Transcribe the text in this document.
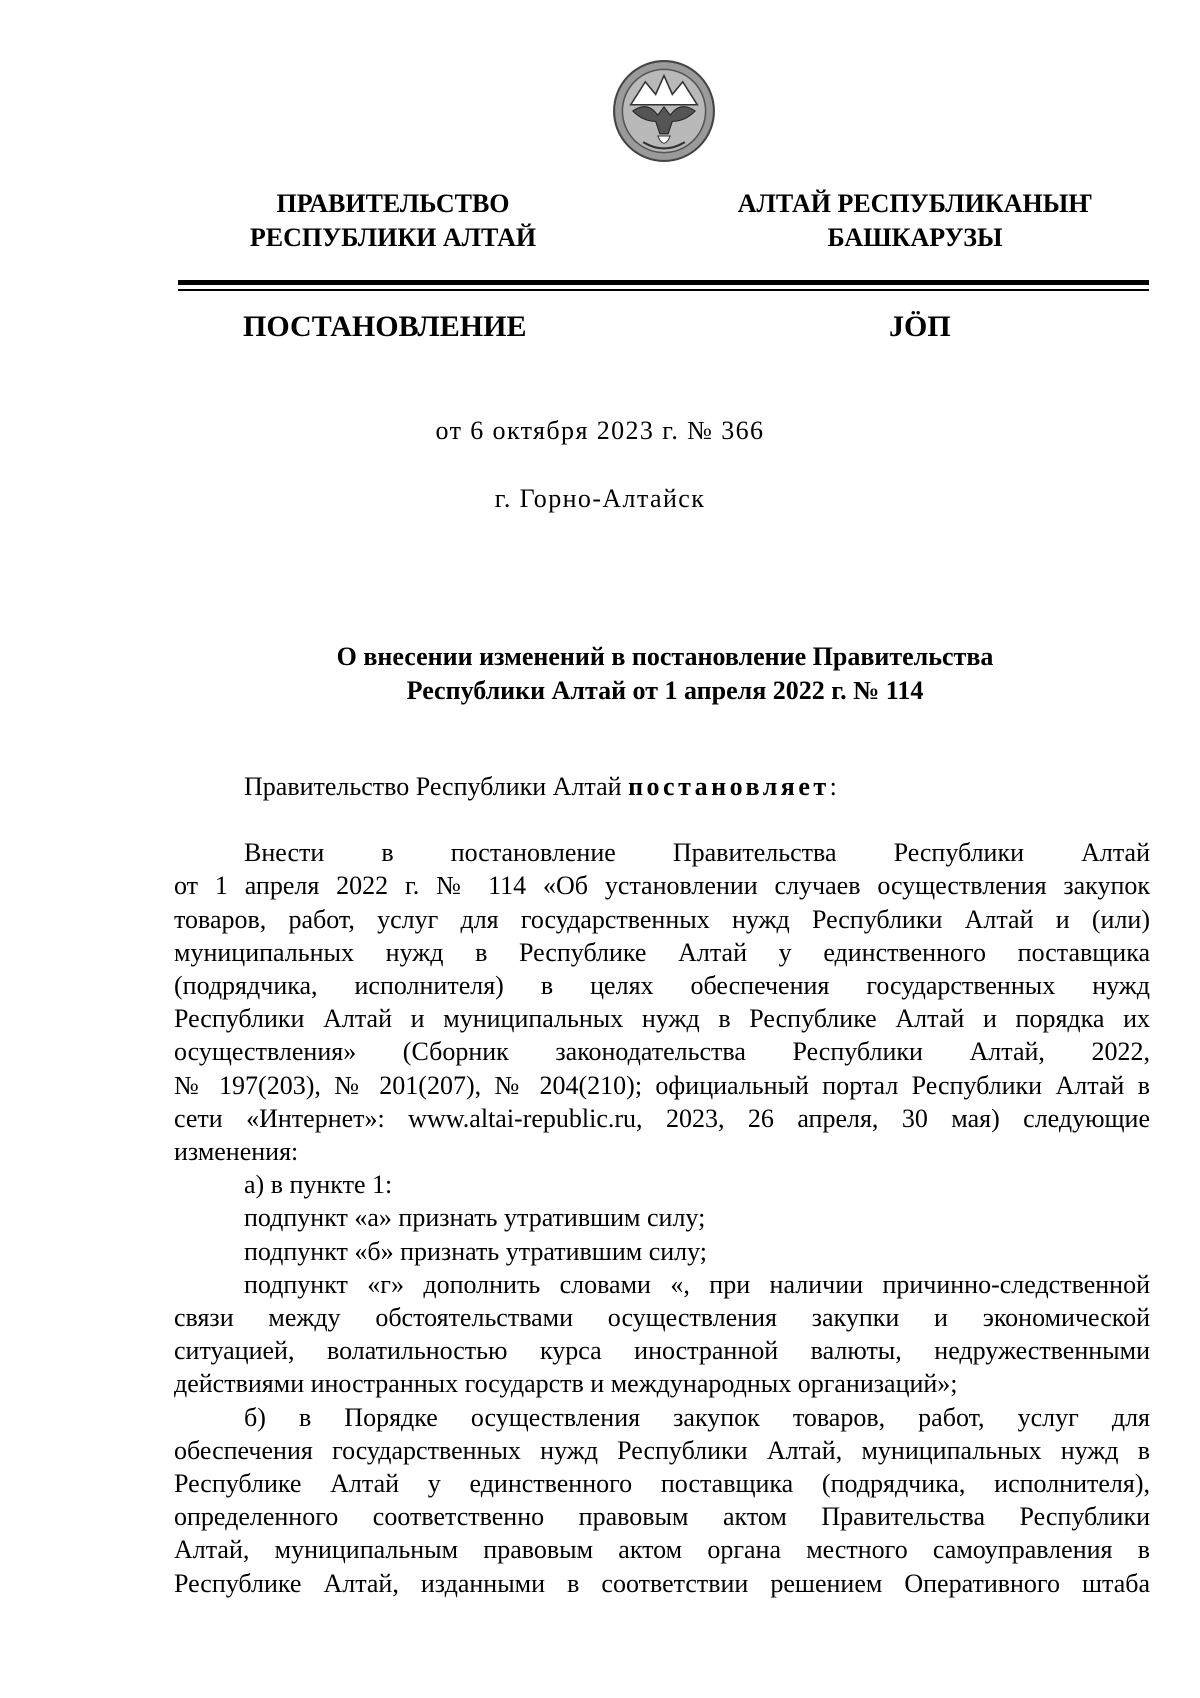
ПРАВИТЕЛЬСТВО
РЕСПУБЛИКИ АЛТАЙ
АЛТАЙ РЕСПУБЛИКАНЫҤ
БАШКАРУЗЫ
ПОСТАНОВЛЕНИЕ	JӦП
от 6 октября 2023 г. № 366
г. Горно-Алтайск
О внесении изменений в постановление Правительства
Республики Алтай от 1 апреля 2022 г. № 114

Правительство Республики Алтай постановляет:

Внести в постановление Правительства Республики Алтай
от 1 апреля 2022 г. № 114 «Об установлении случаев осуществления закупок
товаров, работ, услуг для государственных нужд Республики Алтай и (или)
муниципальных нужд в Республике Алтай у единственного поставщика
(подрядчика, исполнителя) в целях обеспечения государственных нужд
Республики Алтай и муниципальных нужд в Республике Алтай и порядка их
осуществления» (Сборник законодательства Республики Алтай, 2022,
№ 197(203), № 201(207), № 204(210); официальный портал Республики Алтай в
сети «Интернет»: www.altai-republic.ru, 2023, 26 апреля, 30 мая) следующие
изменения:
а) в пункте 1:
подпункт «а» признать утратившим силу;
подпункт «б» признать утратившим силу;
подпункт «г» дополнить словами «, при наличии причинно-следственной
связи между обстоятельствами осуществления закупки и экономической
ситуацией, волатильностью курса иностранной валюты, недружественными
действиями иностранных государств и международных организаций»;
б) в Порядке осуществления закупок товаров, работ, услуг для
обеспечения государственных нужд Республики Алтай, муниципальных нужд в
Республике Алтай у единственного поставщика (подрядчика, исполнителя),
определенного соответственно правовым актом Правительства Республики
Алтай, муниципальным правовым актом органа местного самоуправления в
Республике Алтай, изданными в соответствии решением Оперативного штаба
